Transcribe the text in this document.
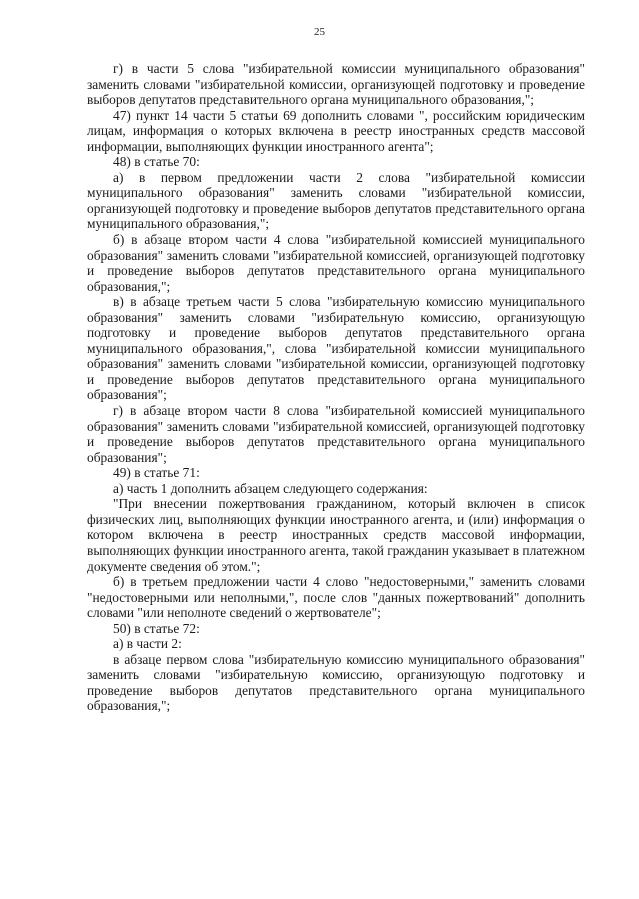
25

г) в части 5 слова "избирательной комиссии муниципального образования" заменить словами "избирательной комиссии, организующей подготовку и проведение выборов депутатов представительного органа муниципального образования,";

47) пункт 14 части 5 статьи 69 дополнить словами ", российским юридическим лицам, информация о которых включена в реестр иностранных средств массовой информации, выполняющих функции иностранного агента";

48) в статье 70:

а) в первом предложении части 2 слова "избирательной комиссии муниципального образования" заменить словами "избирательной комиссии, организующей подготовку и проведение выборов депутатов представительного органа муниципального образования,";

б) в абзаце втором части 4 слова "избирательной комиссией муниципального образования" заменить словами "избирательной комиссией, организующей подготовку и проведение выборов депутатов представительного органа муниципального образования,";

в) в абзаце третьем части 5 слова "избирательную комиссию муниципального образования" заменить словами "избирательную комиссию, организующую подготовку и проведение выборов депутатов представительного органа муниципального образования,", слова "избирательной комиссии муниципального образования" заменить словами "избирательной комиссии, организующей подготовку и проведение выборов депутатов представительного органа муниципального образования";

г) в абзаце втором части 8 слова "избирательной комиссией муниципального образования" заменить словами "избирательной комиссией, организующей подготовку и проведение выборов депутатов представительного органа муниципального образования";

49) в статье 71:

а) часть 1 дополнить абзацем следующего содержания:

"При внесении пожертвования гражданином, который включен в список физических лиц, выполняющих функции иностранного агента, и (или) информация о котором включена в реестр иностранных средств массовой информации, выполняющих функции иностранного агента, такой гражданин указывает в платежном документе сведения об этом.";

б) в третьем предложении части 4 слово "недостоверными," заменить словами "недостоверными или неполными,", после слов "данных пожертвований" дополнить словами "или неполноте сведений о жертвователе";

50) в статье 72:

а) в части 2:

в абзаце первом слова "избирательную комиссию муниципального образования" заменить словами "избирательную комиссию, организующую подготовку и проведение выборов депутатов представительного органа муниципального образования,";
